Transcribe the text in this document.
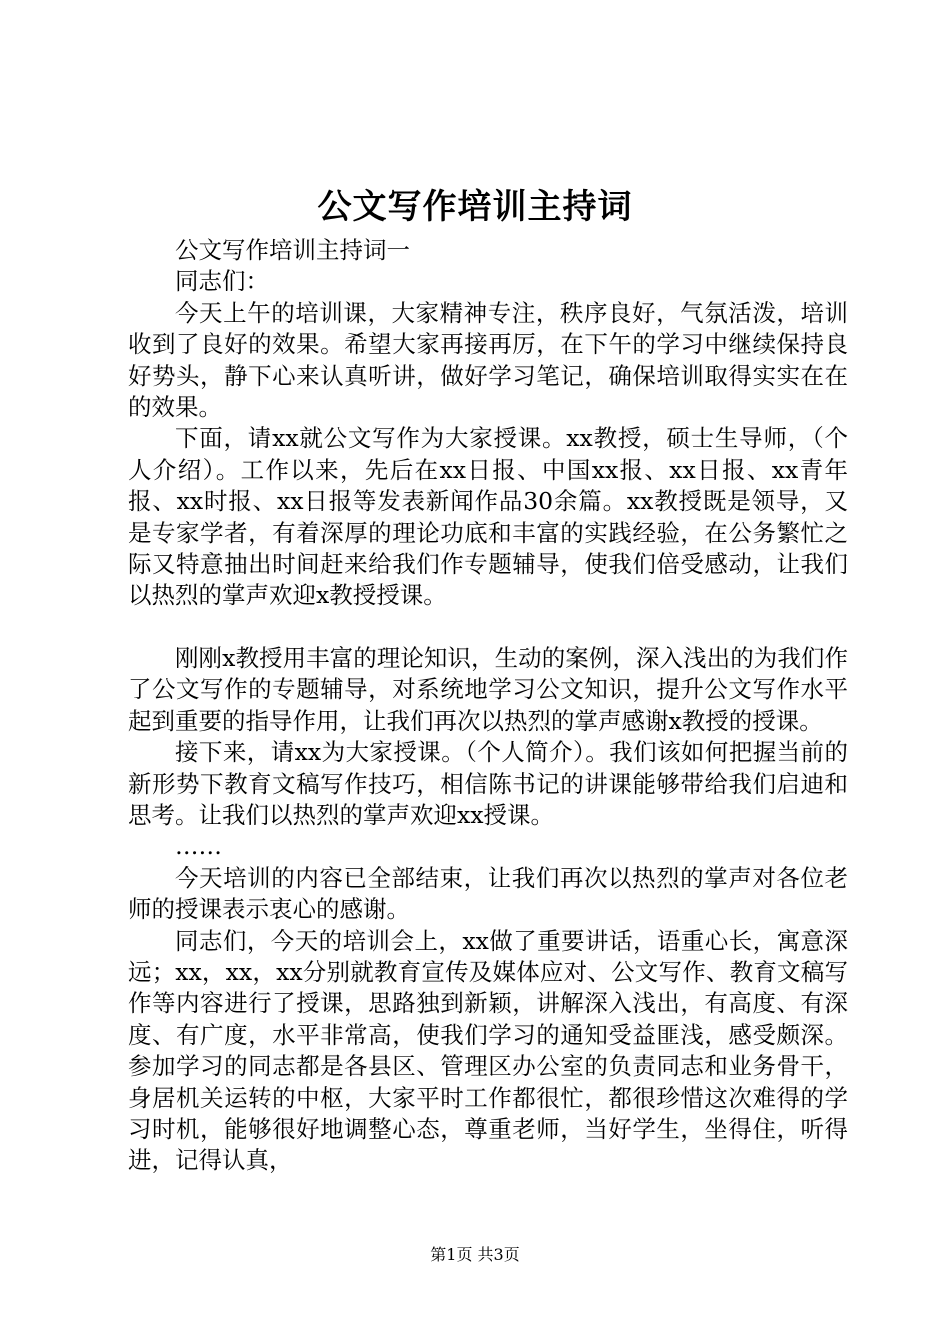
公文写作培训主持词

公文写作培训主持词一

同志们：

今天上午的培训课，大家精神专注，秩序良好，气氛活泼，培训收到了良好的效果。希望大家再接再厉，在下午的学习中继续保持良好势头，静下心来认真听讲，做好学习笔记，确保培训取得实实在在的效果。

下面，请xx就公文写作为大家授课。xx教授，硕士生导师，（个人介绍）。工作以来，先后在xx日报、中国xx报、xx日报、xx青年报、xx时报、xx日报等发表新闻作品30余篇。xx教授既是领导，又是专家学者，有着深厚的理论功底和丰富的实践经验，在公务繁忙之际又特意抽出时间赶来给我们作专题辅导，使我们倍受感动，让我们以热烈的掌声欢迎x教授授课。

刚刚x教授用丰富的理论知识，生动的案例，深入浅出的为我们作了公文写作的专题辅导，对系统地学习公文知识，提升公文写作水平起到重要的指导作用，让我们再次以热烈的掌声感谢x教授的授课。

接下来，请xx为大家授课。（个人简介）。我们该如何把握当前的新形势下教育文稿写作技巧，相信陈书记的讲课能够带给我们启迪和思考。让我们以热烈的掌声欢迎xx授课。

……

今天培训的内容已全部结束，让我们再次以热烈的掌声对各位老师的授课表示衷心的感谢。

同志们，今天的培训会上，xx做了重要讲话，语重心长，寓意深远；xx，xx，xx分别就教育宣传及媒体应对、公文写作、教育文稿写作等内容进行了授课，思路独到新颖，讲解深入浅出，有高度、有深度、有广度，水平非常高，使我们学习的通知受益匪浅，感受颇深。参加学习的同志都是各县区、管理区办公室的负责同志和业务骨干，身居机关运转的中枢，大家平时工作都很忙，都很珍惜这次难得的学习时机，能够很好地调整心态，尊重老师，当好学生，坐得住，听得进，记得认真，

第1页 共3页
